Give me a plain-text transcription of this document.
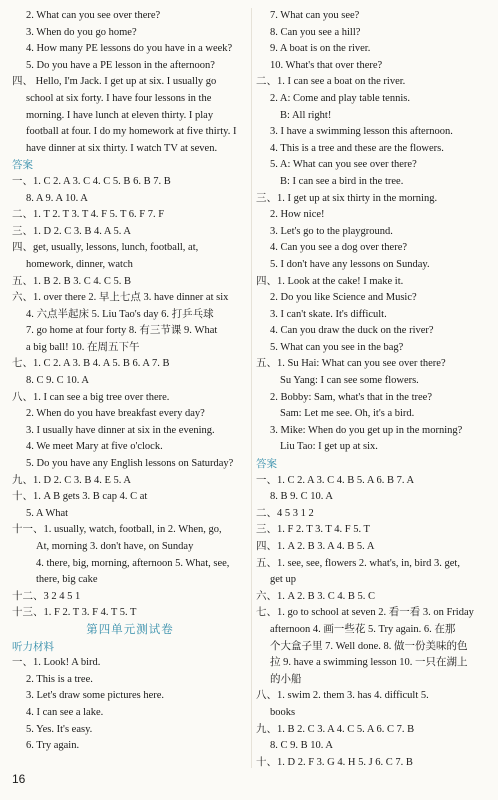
2. What can you see over there?
3. When do you go home?
4. How many PE lessons do you have in a week?
5. Do you have a PE lesson in the afternoon?
四、 Hello, I'm Jack. I get up at six. I usually go
school at six forty. I have four lessons in the
morning. I have lunch at eleven thirty. I play
football at four. I do my homework at five thirty. I
have dinner at six thirty. I watch TV at seven.
答案
一、1. C 2. A 3. C 4. C 5. B 6. B 7. B
8. A 9. A 10. A
二、1. T 2. T 3. T 4. F 5. T 6. F 7. F
三、1. D 2. C 3. B 4. A 5. A
四、get, usually, lessons, lunch, football, at,
homework, dinner, watch
五、1. B 2. B 3. C 4. C 5. B
六、1. over there 2. 早上七点 3. have dinner at six
4. 六点半起床 5. Liu Tao's day 6. 打乒乓球
7. go home at four forty 8. 有三节课 9. What
a big ball! 10. 在周五下午
七、1. C 2. A 3. B 4. A 5. B 6. A 7. B
8. C 9. C 10. A
八、1. I can see a big tree over there.
2. When do you have breakfast every day?
3. I usually have dinner at six in the evening.
4. We meet Mary at five o'clock.
5. Do you have any English lessons on Saturday?
九、1. D 2. C 3. B 4. E 5. A
十、1. A B gets 3. B cap 4. C at
5. A What
十一、1. usually, watch, football, in 2. When, go,
At, morning 3. don't have, on Sunday
4. there, big, morning, afternoon 5. What, see,
there, big cake
十二、3 2 4 5 1
十三、1. F 2. T 3. F 4. T 5. T
第四单元测试卷
听力材料
一、1. Look! A bird.
2. This is a tree.
3. Let's draw some pictures here.
4. I can see a lake.
5. Yes. It's easy.
6. Try again.
7. What can you see?
8. Can you see a hill?
9. A boat is on the river.
10. What's that over there?
二、1. I can see a boat on the river.
2. A: Come and play table tennis.
B: All right!
3. I have a swimming lesson this afternoon.
4. This is a tree and these are the flowers.
5. A: What can you see over there?
B: I can see a bird in the tree.
三、1. I get up at six thirty in the morning.
2. How nice!
3. Let's go to the playground.
4. Can you see a dog over there?
5. I don't have any lessons on Sunday.
四、1. Look at the cake! I make it.
2. Do you like Science and Music?
3. I can't skate. It's difficult.
4. Can you draw the duck on the river?
5. What can you see in the bag?
五、1. Su Hai: What can you see over there?
Su Yang: I can see some flowers.
2. Bobby: Sam, what's that in the tree?
Sam: Let me see. Oh, it's a bird.
3. Mike: When do you get up in the morning?
Liu Tao: I get up at six.
答案
一、1. C 2. A 3. C 4. B 5. A 6. B 7. A
8. B 9. C 10. A
二、4 5 3 1 2
三、1. F 2. T 3. T 4. F 5. T
四、1. A 2. B 3. A 4. B 5. A
五、1. see, see, flowers 2. what's, in, bird 3. get,
get up
六、1. A 2. B 3. C 4. B 5. C
七、1. go to school at seven 2. 看一看 3. on Friday
afternoon 4. 画一些花 5. Try again. 6. 在那
个大盒子里 7. Well done. 8. 做一份美味的色
拉 9. have a swimming lesson 10. 一只在湖上
的小船
八、1. swim 2. them 3. has 4. difficult 5.
books
九、1. B 2. C 3. A 4. C 5. A 6. C 7. B
8. C 9. B 10. A
十、1. D 2. F 3. G 4. H 5. J 6. C 7. B
16
